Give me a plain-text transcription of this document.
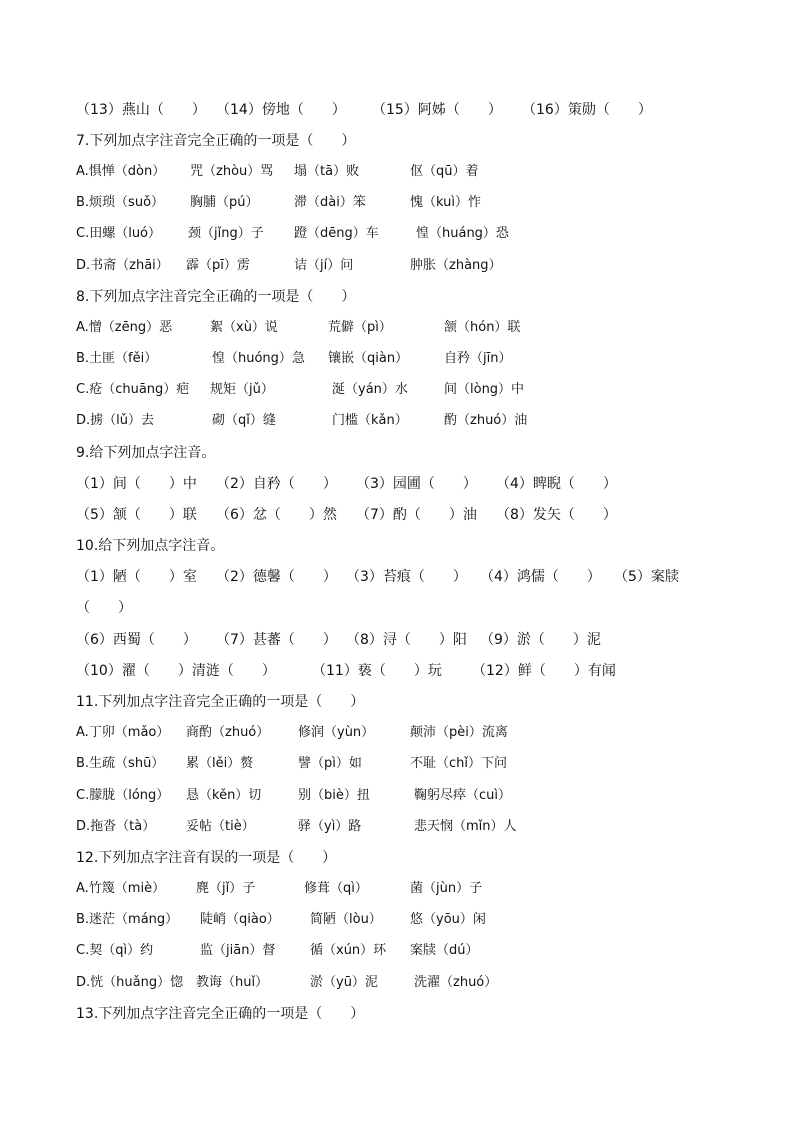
（13）燕山（　　） （14）傍地（　　） （15）阿姊（　　） （16）策勋（　　）
7.下列加点字注音完全正确的一项是（　　）
A.惧惮（dòn） 咒（zhòu）骂 塌（tā）败	伛（qū）着
B.烦琐（suǒ） 胸脯（pú）	滞（dài）笨	愧（kuì）怍
C.田螺（luó） 颈（jǐng）子 蹬（dēng）车	惶（huáng）恐
D.书斋（zhāi） 霹（pī）雳	诘（jí）问	肿胀（zhàng）
8.下列加点字注音完全正确的一项是（　　）
A.憎（zēng）恶	絮（xù）说	荒僻（pì）	颔（hón）联
B.土匪（fěi）	惶（huóng）急 镶嵌（qiàn）	自矜（jīn）
C.疮（chuāng）疤 规矩（jǔ）	涎（yán）水	间（lòng）中
D.掳（lǔ）去	砌（qǐ）缝	门槛（kǎn）	酌（zhuó）油
9.给下列加点字注音。
（1）间（　　）中 （2）自矜（　　） （3）园圃（　　） （4）睥睨（　　）
（5）颔（　　）联 （6）忿（　　）然 （7）酌（　　）油 （8）发矢（　　）
10.给下列加点字注音。
（1）陋（　　）室 （2）德馨（　　） （3）苔痕（　　） （4）鸿儒（　　） （5）案牍
（　　）
（6）西蜀（　　） （7）甚蕃（　　） （8）浔（　　）阳 （9）淤（　　）泥
（10）濯（　　）清涟（　　）	（11）亵（　　）玩 （12）鲜（　　）有闻
11.下列加点字注音完全正确的一项是（　　）
A.丁卯（mǎo） 商酌（zhuó） 修润（yùn）	颠沛（pèi）流离
B.生疏（shū） 累（lěi）赘	譬（pì）如	不耻（chǐ）下问
C.朦胧（lóng） 恳（kěn）切	别（biè）扭	鞠躬尽瘁（cuì）
D.拖沓（tà） 妥帖（tiè）	驿（yì）路	悲天悯（mǐn）人
12.下列加点字注音有误的一项是（　　）
A.竹篾（miè） 麂（jǐ）子	修葺（qì）	菌（jùn）子
B.迷茫（máng） 陡峭（qiào） 简陋（lòu） 悠（yōu）闲
C.契（qì）约	监（jiān）督	循（xún）环 案牍（dú）
D.恍（huǎng）惚 教诲（huǐ）	淤（yū）泥	洗濯（zhuó）
13.下列加点字注音完全正确的一项是（　　）
